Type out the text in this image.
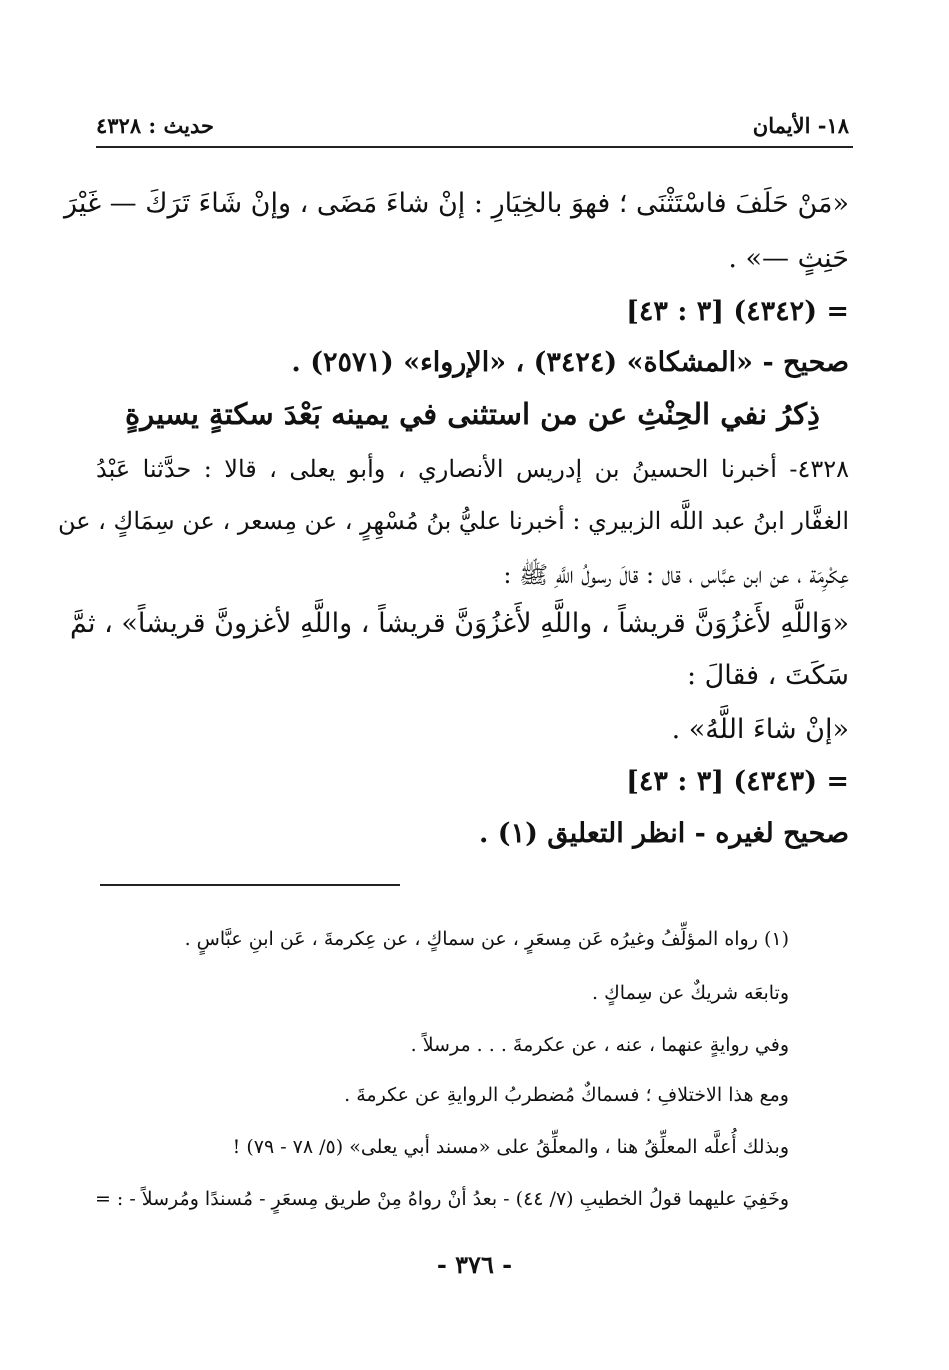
١٨- الأيمان
حديث : ٤٣٢٨
«مَنْ حَلَفَ فاسْتَثْنَى ؛ فهوَ بالخِيَارِ : إنْ شاءَ مَضَى ، وإنْ شَاءَ تَرَكَ — غَيْرَ
حَنِثٍ —» .
= (٤٣٤٢) [٣ : ٤٣]
صحيح - «المشكاة» (٣٤٢٤) ، «الإرواء» (٢٥٧١) .
ذِكرُ نفي الحِنْثِ عن من استثنى في يمينه بَعْدَ سكتةٍ يسيرةٍ
٤٣٢٨- أخبرنا الحسينُ بن إدريس الأنصاري ، وأبو يعلى ، قالا : حدَّثنا عَبْدُ
الغفَّار ابنُ عبد اللَّه الزبيري : أخبرنا عليُّ بنُ مُسْهِرٍ ، عن مِسعر ، عن سِمَاكٍ ، عن
عِكْرِمَة ، عن ابن عبَّاس ، قال : قالَ رسولُ اللَّهِ ﷺ :
«وَاللَّهِ لأَغزُوَنَّ قريشاً ، واللَّهِ لأَغزُوَنَّ قريشاً ، واللَّهِ لأغزونَّ قريشاً» ، ثمَّ
سَكَتَ ، فقالَ :
«إنْ شاءَ اللَّهُ» .
= (٤٣٤٣) [٣ : ٤٣]
صحيح لغيره - انظر التعليق (١) .
(١) رواه المؤلِّفُ وغيرُه عَن مِسعَرٍ ، عن سماكٍ ، عن عِكرمةَ ، عَن ابنِ عبَّاسٍ .
وتابعَه شريكٌ عن سِماكٍ .
وفي روايةٍ عنهما ، عنه ، عن عكرمةَ . . . مرسلاً .
ومع هذا الاختلافِ ؛ فسماكٌ مُضطربُ الروايةِ عن عكرمةَ .
وبذلك أُعلَّه المعلِّقُ هنا ، والمعلِّقُ على «مسند أبي يعلى» (٥/ ٧٨ - ٧٩) !
وخَفِيَ عليهما قولُ الخطيبِ (٧/ ٤٤) - بعدُ أنْ رواهُ مِنْ طريق مِسعَرٍ - مُسندًا ومُرسلاً - : =
- ٣٧٦ -
